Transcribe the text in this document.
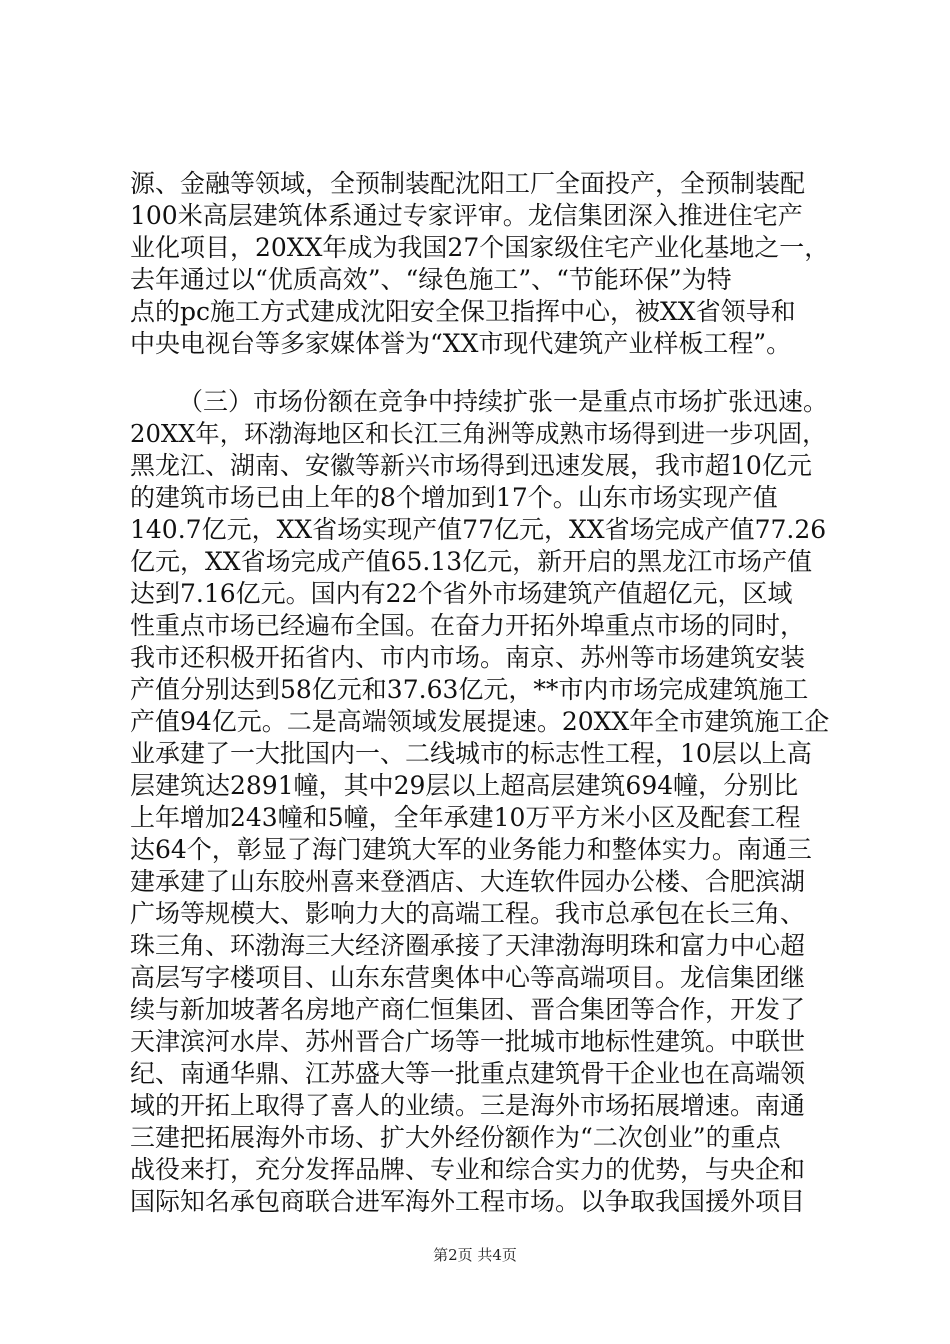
源、金融等领域，全预制装配沈阳工厂全面投产，全预制装配
100米高层建筑体系通过专家评审。龙信集团深入推进住宅产
业化项目，20XX年成为我国27个国家级住宅产业化基地之一，
去年通过以“优质高效”、“绿色施工”、“节能环保”为特
点的pc施工方式建成沈阳安全保卫指挥中心，被XX省领导和
中央电视台等多家媒体誉为“XX市现代建筑产业样板工程”。
（三）市场份额在竞争中持续扩张一是重点市场扩张迅速。
20XX年，环渤海地区和长江三角洲等成熟市场得到进一步巩固，
黑龙江、湖南、安徽等新兴市场得到迅速发展，我市超10亿元
的建筑市场已由上年的8个增加到17个。山东市场实现产值
140.7亿元，XX省场实现产值77亿元，XX省场完成产值77.26
亿元，XX省场完成产值65.13亿元，新开启的黑龙江市场产值
达到7.16亿元。国内有22个省外市场建筑产值超亿元，区域
性重点市场已经遍布全国。在奋力开拓外埠重点市场的同时，
我市还积极开拓省内、市内市场。南京、苏州等市场建筑安装
产值分别达到58亿元和37.63亿元，**市内市场完成建筑施工
产值94亿元。二是高端领域发展提速。20XX年全市建筑施工企
业承建了一大批国内一、二线城市的标志性工程，10层以上高
层建筑达2891幢，其中29层以上超高层建筑694幢，分别比
上年增加243幢和5幢，全年承建10万平方米小区及配套工程
达64个，彰显了海门建筑大军的业务能力和整体实力。南通三
建承建了山东胶州喜来登酒店、大连软件园办公楼、合肥滨湖
广场等规模大、影响力大的高端工程。我市总承包在长三角、
珠三角、环渤海三大经济圈承接了天津渤海明珠和富力中心超
高层写字楼项目、山东东营奥体中心等高端项目。龙信集团继
续与新加坡著名房地产商仁恒集团、晋合集团等合作，开发了
天津滨河水岸、苏州晋合广场等一批城市地标性建筑。中联世
纪、南通华鼎、江苏盛大等一批重点建筑骨干企业也在高端领
域的开拓上取得了喜人的业绩。三是海外市场拓展增速。南通
三建把拓展海外市场、扩大外经份额作为“二次创业”的重点
战役来打，充分发挥品牌、专业和综合实力的优势，与央企和
国际知名承包商联合进军海外工程市场。以争取我国援外项目
第2页 共4页
